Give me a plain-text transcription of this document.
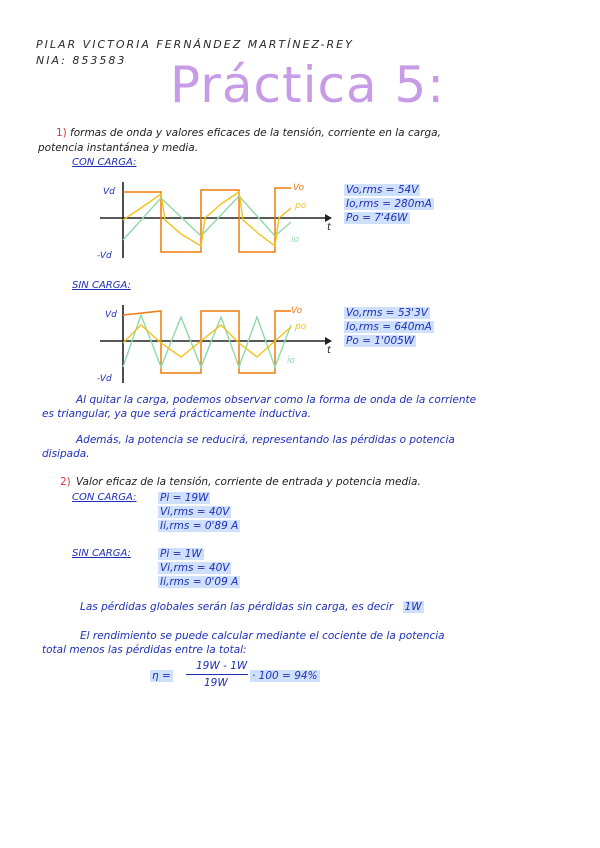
PILAR VICTORIA FERNÁNDEZ MARTÍNEZ-REY
NIA: 853583 Práctica 5:
1) formas de onda y valores eficaces de la tensión, corriente en la carga,
potencia instantánea y media.
CON CARGA:
Vd
-Vd
t
Vo
po
io
Vo,rms = 54V
Io,rms = 280mA
Po = 7'46W
SIN CARGA:
Vd
-Vd
t
Vo
po
io
Vo,rms = 53'3V
Io,rms = 640mA
Po = 1'005W
Al quitar la carga, podemos observar como la forma de onda de la corriente
es triangular, ya que será prácticamente inductiva.
Además, la potencia se reducirá, representando las pérdidas o potencia
disipada.
2) Valor eficaz de la tensión, corriente de entrada y potencia media.
CON CARGA: Pi = 19W
Vi,rms = 40V
Ii,rms = 0'89 A
SIN CARGA:	Pi = 1W
Vi,rms = 40V
Ii,rms = 0'09 A
Las pérdidas globales serán las pérdidas sin carga, es decir 1W
El rendimiento se puede calcular mediante el cociente de la potencia
total menos las pérdidas entre la total:
η =
19W - 1W
19W
· 100 = 94%
